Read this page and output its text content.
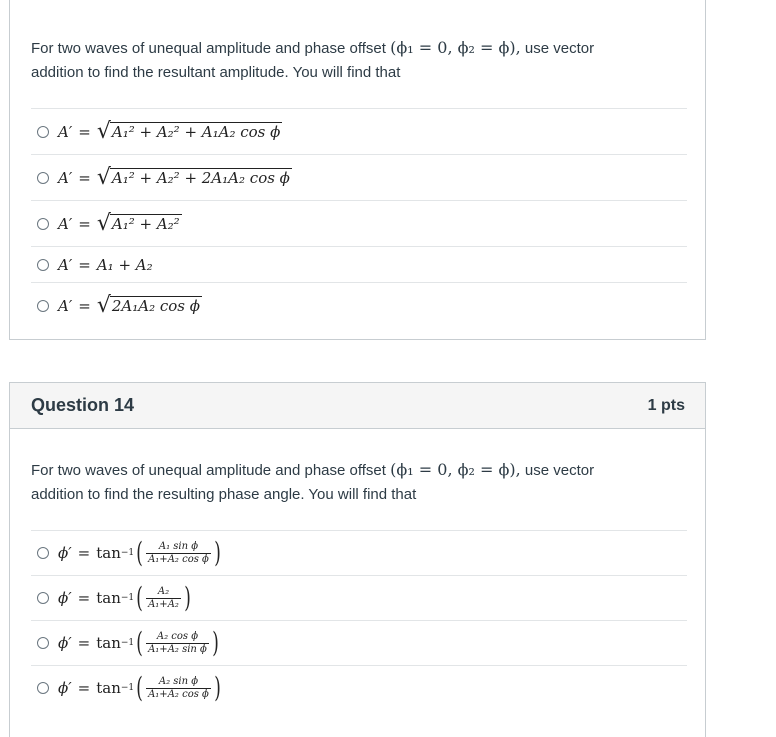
For two waves of unequal amplitude and phase offset (ϕ₁ = 0, ϕ₂ = ϕ), use vector
addition to find the resultant amplitude. You will find that
A′ = √ A₁² + A₂² + A₁A₂ cos ϕ
A′ = √ A₁² + A₂² + 2A₁A₂ cos ϕ
A′ = √ A₁² + A₂²
A′ = A₁ + A₂
A′ = √ 2A₁A₂ cos ϕ
Question 14	1 pts
For two waves of unequal amplitude and phase offset (ϕ₁ = 0, ϕ₂ = ϕ), use vector
addition to find the resulting phase angle. You will find that
ϕ′ = tan −1 ( $\frac{\text{A₁ sin ϕ}}{\text{A₁+A₂ cos ϕ}}$ )
ϕ′ = tan −1 ( $\frac{\text{A₂}}{\text{A₁+A₂}}$ )
ϕ′ = tan −1 ( $\frac{\text{A₂ cos ϕ}}{\text{A₁+A₂ sin ϕ}}$ )
ϕ′ = tan −1 ( $\frac{\text{A₂ sin ϕ}}{\text{A₁+A₂ cos ϕ}}$ )
